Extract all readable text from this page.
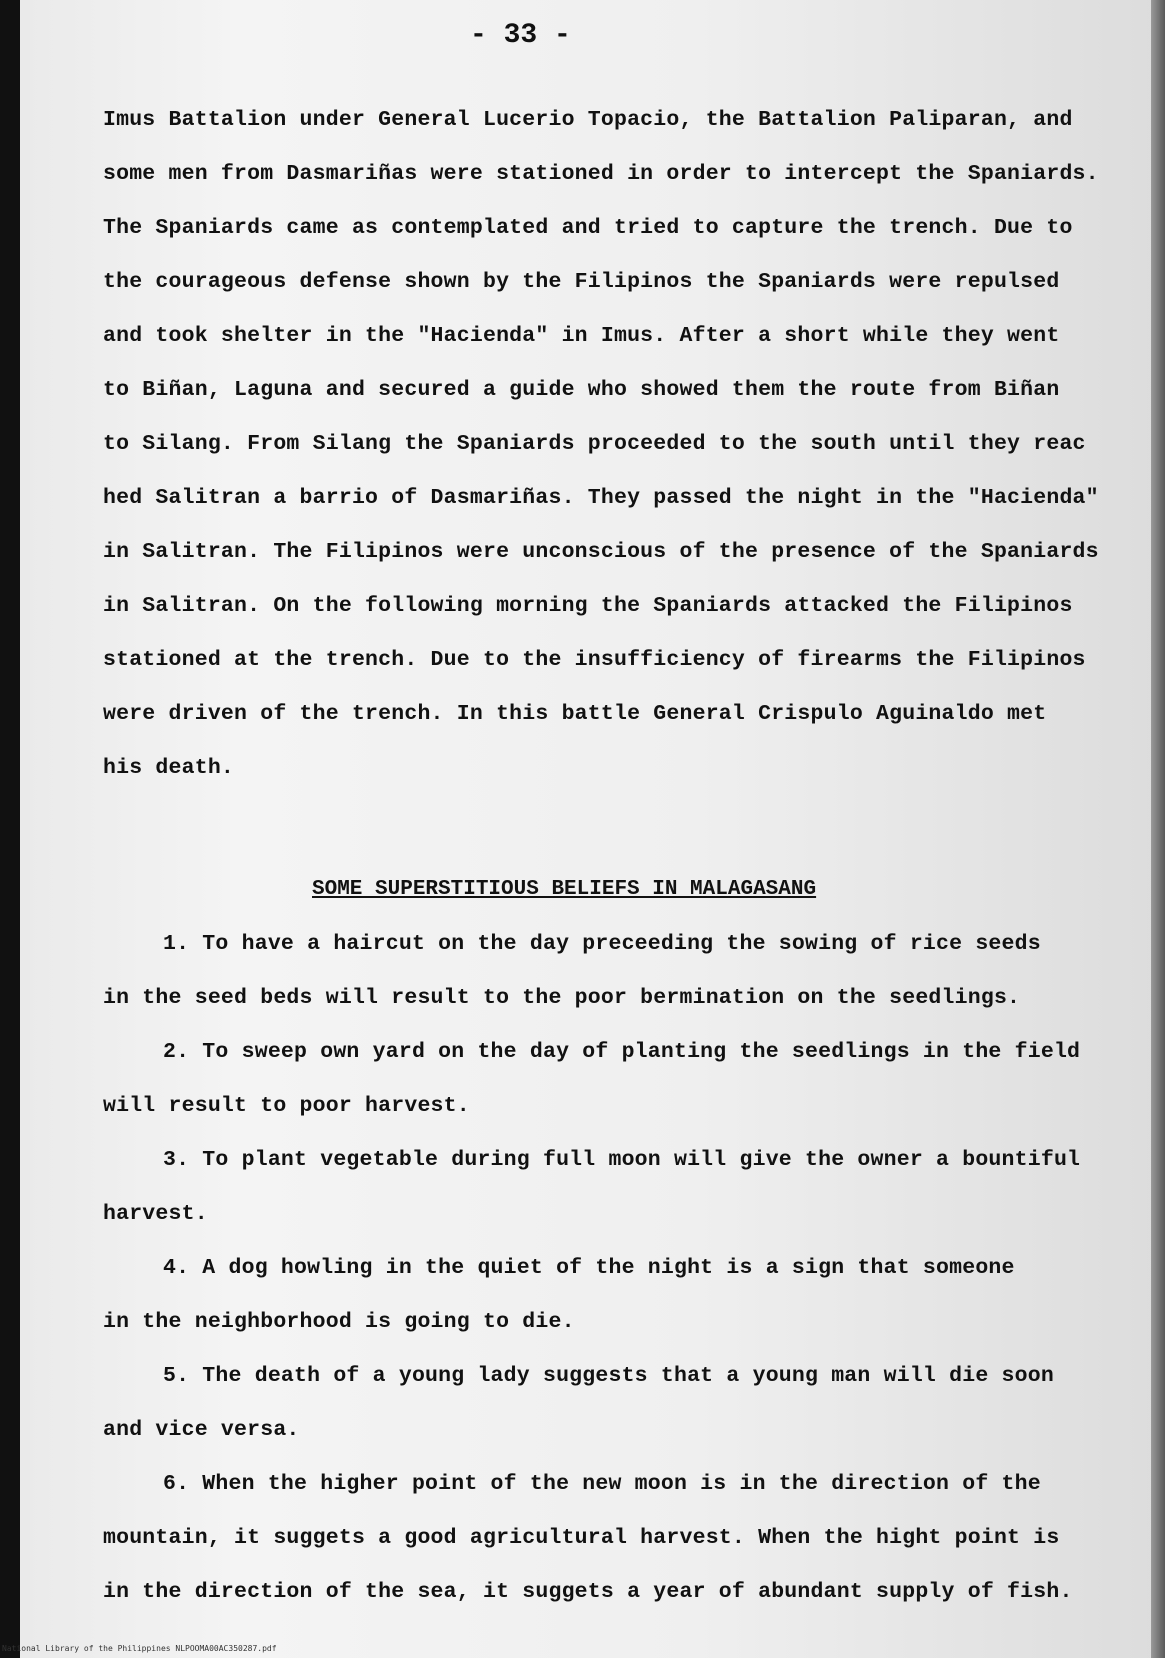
- 33 -
Imus Battalion under General Lucerio Topacio, the Battalion Paliparan, and
some men from Dasmariñas were stationed in order to intercept the Spaniards.
The Spaniards came as contemplated and tried to capture the trench. Due to
the courageous defense shown by the Filipinos the Spaniards were repulsed
and took shelter in the "Hacienda" in Imus. After a short while they went
to Biñan, Laguna and secured a guide who showed them the route from Biñan
to Silang. From Silang the Spaniards proceeded to the south until they reac
hed Salitran a barrio of Dasmariñas. They passed the night in the "Hacienda"
in Salitran. The Filipinos were unconscious of the presence of the Spaniards
in Salitran. On the following morning the Spaniards attacked the Filipinos
stationed at the trench. Due to the insufficiency of firearms the Filipinos
were driven of the trench. In this battle General Crispulo Aguinaldo met
his death.
SOME SUPERSTITIOUS BELIEFS IN MALAGASANG
1. To have a haircut on the day preceeding the sowing of rice seeds
in the seed beds will result to the poor bermination on the seedlings.
2. To sweep own yard on the day of planting the seedlings in the field
will result to poor harvest.
3. To plant vegetable during full moon will give the owner a bountiful
harvest.
4. A dog howling in the quiet of the night is a sign that someone
in the neighborhood is going to die.
5. The death of a young lady suggests that a young man will die soon
and vice versa.
6. When the higher point of the new moon is in the direction of the
mountain, it suggets a good agricultural harvest. When the hight point is
in the direction of the sea, it suggets a year of abundant supply of fish.
National Library of the Philippines NLPOOMA00AC350287.pdf
